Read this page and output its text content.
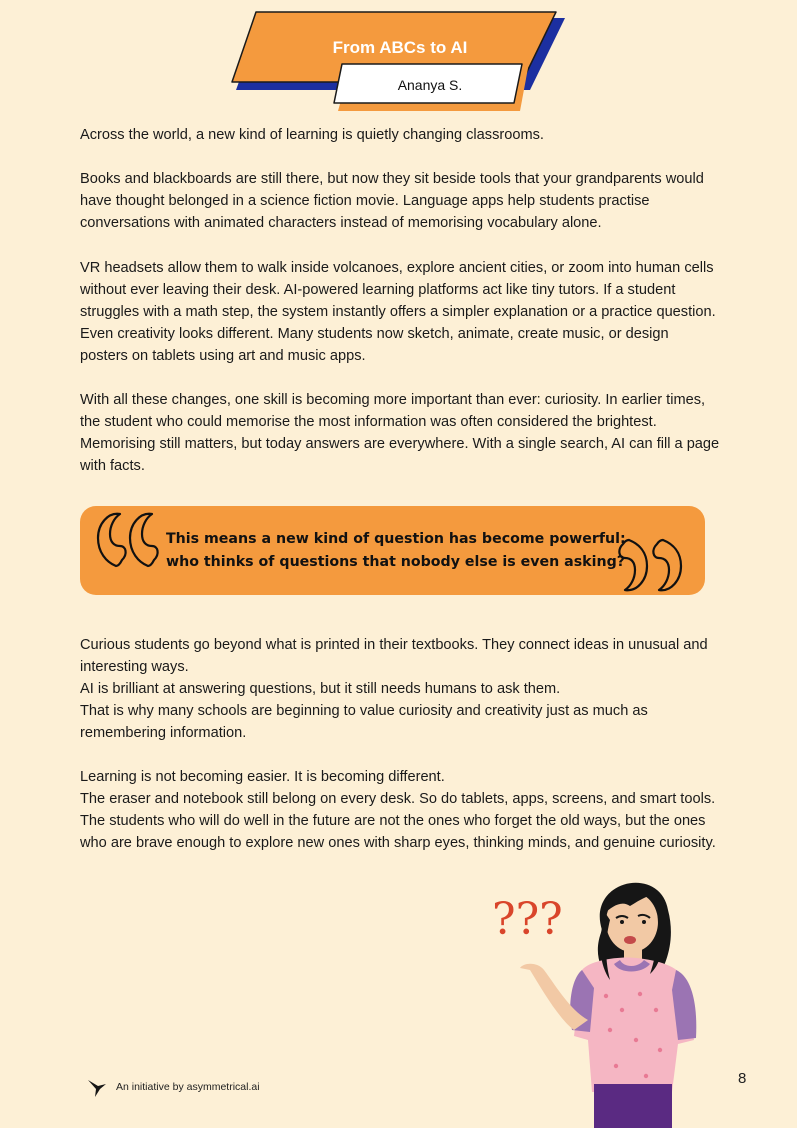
From ABCs to AI
Ananya S.

Across the world, a new kind of learning is quietly changing classrooms.

Books and blackboards are still there, but now they sit beside tools that your grandparents would have thought belonged in a science fiction movie. Language apps help students practise conversations with animated characters instead of memorising vocabulary alone.

VR headsets allow them to walk inside volcanoes, explore ancient cities, or zoom into human cells without ever leaving their desk. AI-powered learning platforms act like tiny tutors. If a student struggles with a math step, the system instantly offers a simpler explanation or a practice question. Even creativity looks different. Many students now sketch, animate, create music, or design posters on tablets using art and music apps.

With all these changes, one skill is becoming more important than ever: curiosity. In earlier times, the student who could memorise the most information was often considered the brightest. Memorising still matters, but today answers are everywhere. With a single search, AI can fill a page with facts.

This means a new kind of question has become powerful: who thinks of questions that nobody else is even asking?

Curious students go beyond what is printed in their textbooks. They connect ideas in unusual and interesting ways.

AI is brilliant at answering questions, but it still needs humans to ask them.

That is why many schools are beginning to value curiosity and creativity just as much as remembering information.

Learning is not becoming easier. It is becoming different.

The eraser and notebook still belong on every desk. So do tablets, apps, screens, and smart tools. The students who will do well in the future are not the ones who forget the old ways, but the ones who are brave enough to explore new ones with sharp eyes, thinking minds, and genuine curiosity.

???
An initiative by asymmetrical.ai	8
